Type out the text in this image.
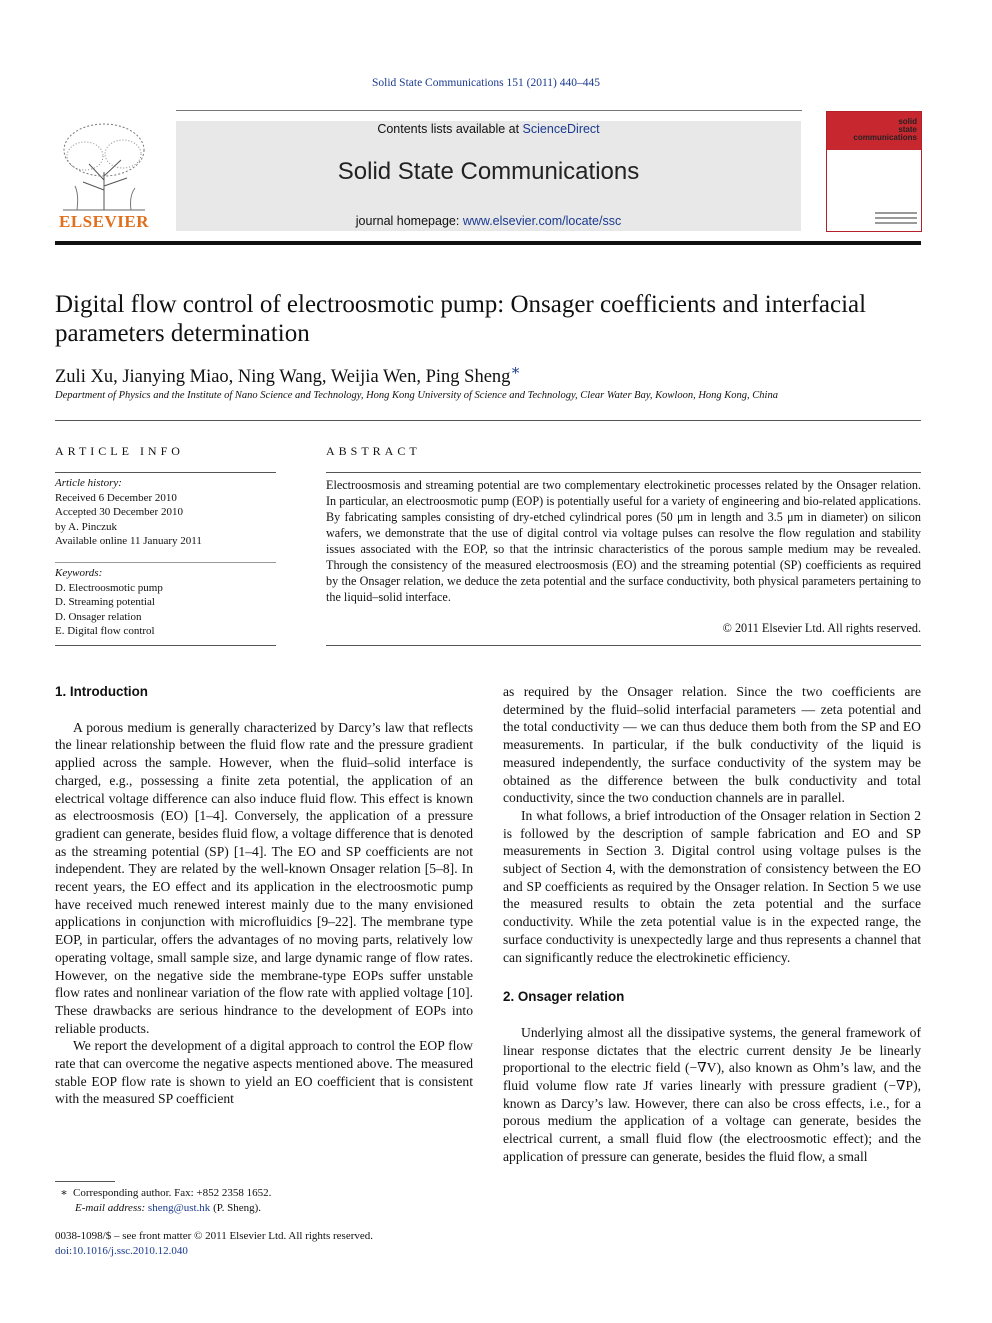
Solid State Communications 151 (2011) 440–445
ELSEVIER
Contents lists available at ScienceDirect
Solid State Communications
journal homepage: www.elsevier.com/locate/ssc
solid
state
communications
Digital flow control of electroosmotic pump: Onsager coefficients and interfacial parameters determination
Zuli Xu, Jianying Miao, Ning Wang, Weijia Wen, Ping Sheng∗
Department of Physics and the Institute of Nano Science and Technology, Hong Kong University of Science and Technology, Clear Water Bay, Kowloon, Hong Kong, China
ARTICLE INFO	ABSTRACT
Article history:
Received 6 December 2010
Accepted 30 December 2010
by A. Pinczuk
Available online 11 January 2011
Keywords:
D. Electroosmotic pump
D. Streaming potential
D. Onsager relation
E. Digital flow control
Electroosmosis and streaming potential are two complementary electrokinetic processes related by the Onsager relation. In particular, an electroosmotic pump (EOP) is potentially useful for a variety of engineering and bio-related applications. By fabricating samples consisting of dry-etched cylindrical pores (50 μm in length and 3.5 μm in diameter) on silicon wafers, we demonstrate that the use of digital control via voltage pulses can resolve the flow regulation and stability issues associated with the EOP, so that the intrinsic characteristics of the porous sample medium may be revealed. Through the consistency of the measured electroosmosis (EO) and the streaming potential (SP) coefficients as required by the Onsager relation, we deduce the zeta potential and the surface conductivity, both physical parameters pertaining to the liquid–solid interface.
© 2011 Elsevier Ltd. All rights reserved.
1. Introduction

A porous medium is generally characterized by Darcy’s law that reflects the linear relationship between the fluid flow rate and the pressure gradient applied across the sample. However, when the fluid–solid interface is charged, e.g., possessing a finite zeta potential, the application of an electrical voltage difference can also induce fluid flow. This effect is known as electroosmosis (EO) [1–4]. Conversely, the application of a pressure gradient can generate, besides fluid flow, a voltage difference that is denoted as the streaming potential (SP) [1–4]. The EO and SP coefficients are not independent. They are related by the well-known Onsager relation [5–8]. In recent years, the EO effect and its application in the electroosmotic pump have received much renewed interest mainly due to the many envisioned applications in conjunction with microfluidics [9–22]. The membrane type EOP, in particular, offers the advantages of no moving parts, relatively low operating voltage, small sample size, and large dynamic range of flow rates. However, on the negative side the membrane-type EOPs suffer unstable flow rates and nonlinear variation of the flow rate with applied voltage [10]. These drawbacks are serious hindrance to the development of EOPs into reliable products.

We report the development of a digital approach to control the EOP flow rate that can overcome the negative aspects mentioned above. The measured stable EOP flow rate is shown to yield an EO coefficient that is consistent with the measured SP coefficient

as required by the Onsager relation. Since the two coefficients are determined by the fluid–solid interfacial parameters — zeta potential and the total conductivity — we can thus deduce them both from the SP and EO measurements. In particular, if the bulk conductivity of the liquid is measured independently, the surface conductivity of the system may be obtained as the difference between the bulk conductivity and total conductivity, since the two conduction channels are in parallel.

In what follows, a brief introduction of the Onsager relation in Section 2 is followed by the description of sample fabrication and EO and SP measurements in Section 3. Digital control using voltage pulses is the subject of Section 4, with the demonstration of consistency between the EO and SP coefficients as required by the Onsager relation. In Section 5 we use the measured results to obtain the zeta potential and the surface conductivity. While the zeta potential value is in the expected range, the surface conductivity is unexpectedly large and thus represents a channel that can significantly reduce the electrokinetic efficiency.

2. Onsager relation

Underlying almost all the dissipative systems, the general framework of linear response dictates that the electric current density Je be linearly proportional to the electric field (−∇V), also known as Ohm’s law, and the fluid volume flow rate Jf varies linearly with pressure gradient (−∇P), known as Darcy’s law. However, there can also be cross effects, i.e., for a porous medium the application of a voltage can generate, besides the electrical current, a small fluid flow (the electroosmotic effect); and the application of pressure can generate, besides the fluid flow, a small

∗ Corresponding author. Fax: +852 2358 1652.
E-mail address: sheng@ust.hk (P. Sheng).
0038-1098/$ – see front matter © 2011 Elsevier Ltd. All rights reserved.
doi:10.1016/j.ssc.2010.12.040
